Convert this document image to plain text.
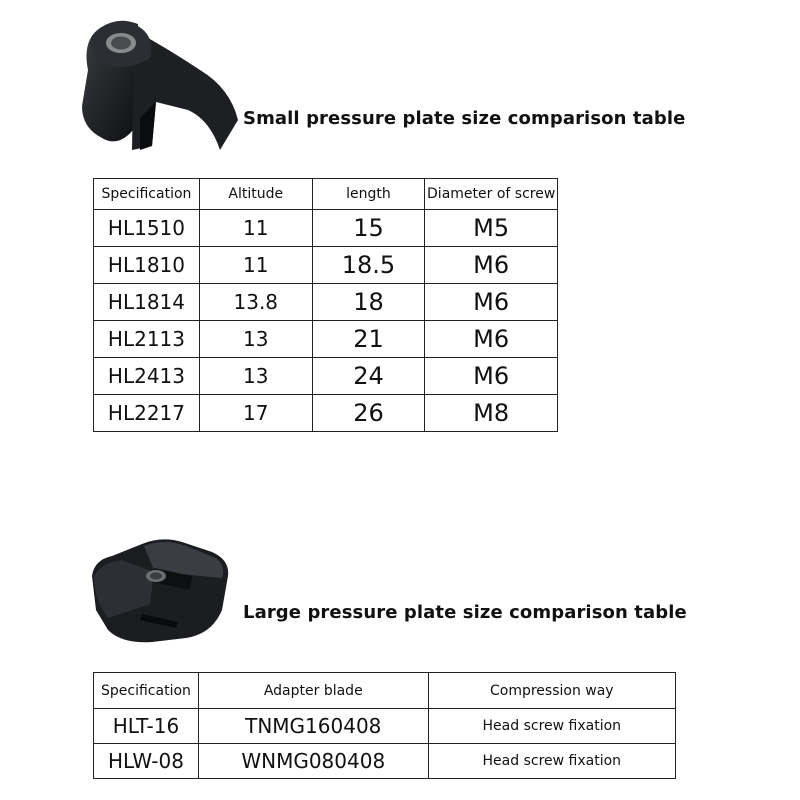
Small pressure plate size comparison table
Specification	Altitude	length	Diameter of screw
HL1510	11	15	M5
HL1810	11	18.5	M6
HL1814	13.8	18	M6
HL2113	13	21	M6
HL2413	13	24	M6
HL2217	17	26	M8
Large pressure plate size comparison table
Specification	Adapter blade	Compression way
HLT-16	TNMG160408	Head screw fixation
HLW-08	WNMG080408	Head screw fixation
